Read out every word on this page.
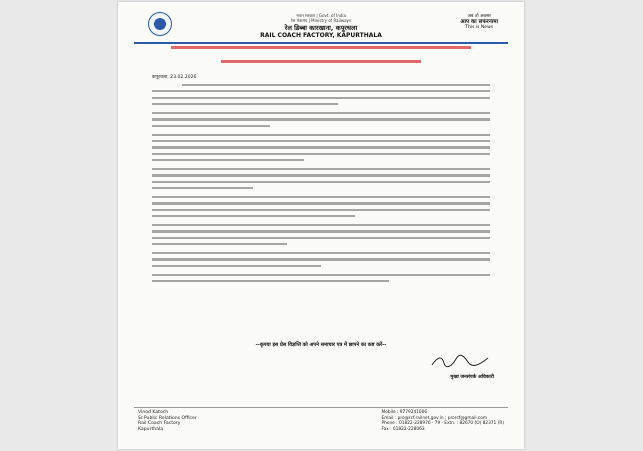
भारत सरकार | Govt. of India
रेल मंत्रालय | Ministry of Railways
रेल डिब्बा कारखाना, कपूरथला
RAIL COACH FACTORY, KAPURTHALA
अब तो अवसर
आप का सफरनामा
This is News
कपूरथला, 23.02.2026
--कृपया इस प्रेस विज्ञप्ति को अपने समाचार पत्र में छापने का कष्ट करें--
मुख्य जनसंपर्क अधिकारी
Vinod Katoch
Sr.Public Relations Officer
Rail Coach Factory
Kapurthala
Mobile : 9779241006
Email : pro@rcf.railnet.gov.in ; prorcf@gmail.com
Phone : 01822-228976 · 79 · Extn. : 82670 (O) 82371 (R)
Fax : 01822-228063
